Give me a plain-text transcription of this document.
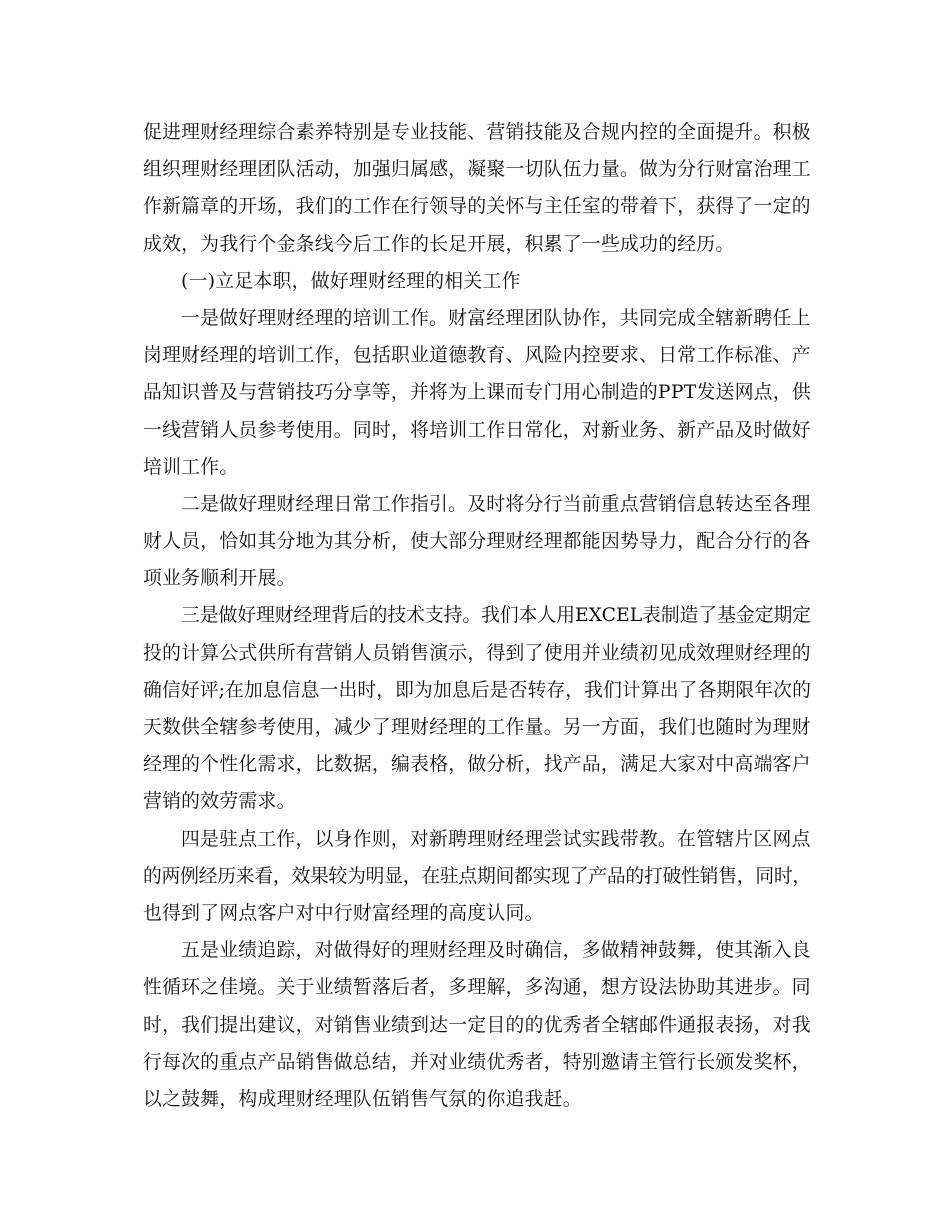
促进理财经理综合素养特别是专业技能、营销技能及合规内控的全面提升。积极
组织理财经理团队活动，加强归属感，凝聚一切队伍力量。做为分行财富治理工
作新篇章的开场，我们的工作在行领导的关怀与主任室的带着下，获得了一定的
成效，为我行个金条线今后工作的长足开展，积累了一些成功的经历。
(一)立足本职，做好理财经理的相关工作
一是做好理财经理的培训工作。财富经理团队协作，共同完成全辖新聘任上
岗理财经理的培训工作，包括职业道德教育、风险内控要求、日常工作标准、产
品知识普及与营销技巧分享等，并将为上课而专门用心制造的PPT发送网点，供
一线营销人员参考使用。同时，将培训工作日常化，对新业务、新产品及时做好
培训工作。
二是做好理财经理日常工作指引。及时将分行当前重点营销信息转达至各理
财人员，恰如其分地为其分析，使大部分理财经理都能因势导力，配合分行的各
项业务顺利开展。
三是做好理财经理背后的技术支持。我们本人用EXCEL表制造了基金定期定
投的计算公式供所有营销人员销售演示，得到了使用并业绩初见成效理财经理的
确信好评;在加息信息一出时，即为加息后是否转存，我们计算出了各期限年次的
天数供全辖参考使用，减少了理财经理的工作量。另一方面，我们也随时为理财
经理的个性化需求，比数据，编表格，做分析，找产品，满足大家对中高端客户
营销的效劳需求。
四是驻点工作，以身作则，对新聘理财经理尝试实践带教。在管辖片区网点
的两例经历来看，效果较为明显，在驻点期间都实现了产品的打破性销售，同时，
也得到了网点客户对中行财富经理的高度认同。
五是业绩追踪，对做得好的理财经理及时确信，多做精神鼓舞，使其渐入良
性循环之佳境。关于业绩暂落后者，多理解，多沟通，想方设法协助其进步。同
时，我们提出建议，对销售业绩到达一定目的的优秀者全辖邮件通报表扬，对我
行每次的重点产品销售做总结，并对业绩优秀者，特别邀请主管行长颁发奖杯，
以之鼓舞，构成理财经理队伍销售气氛的你追我赶。
